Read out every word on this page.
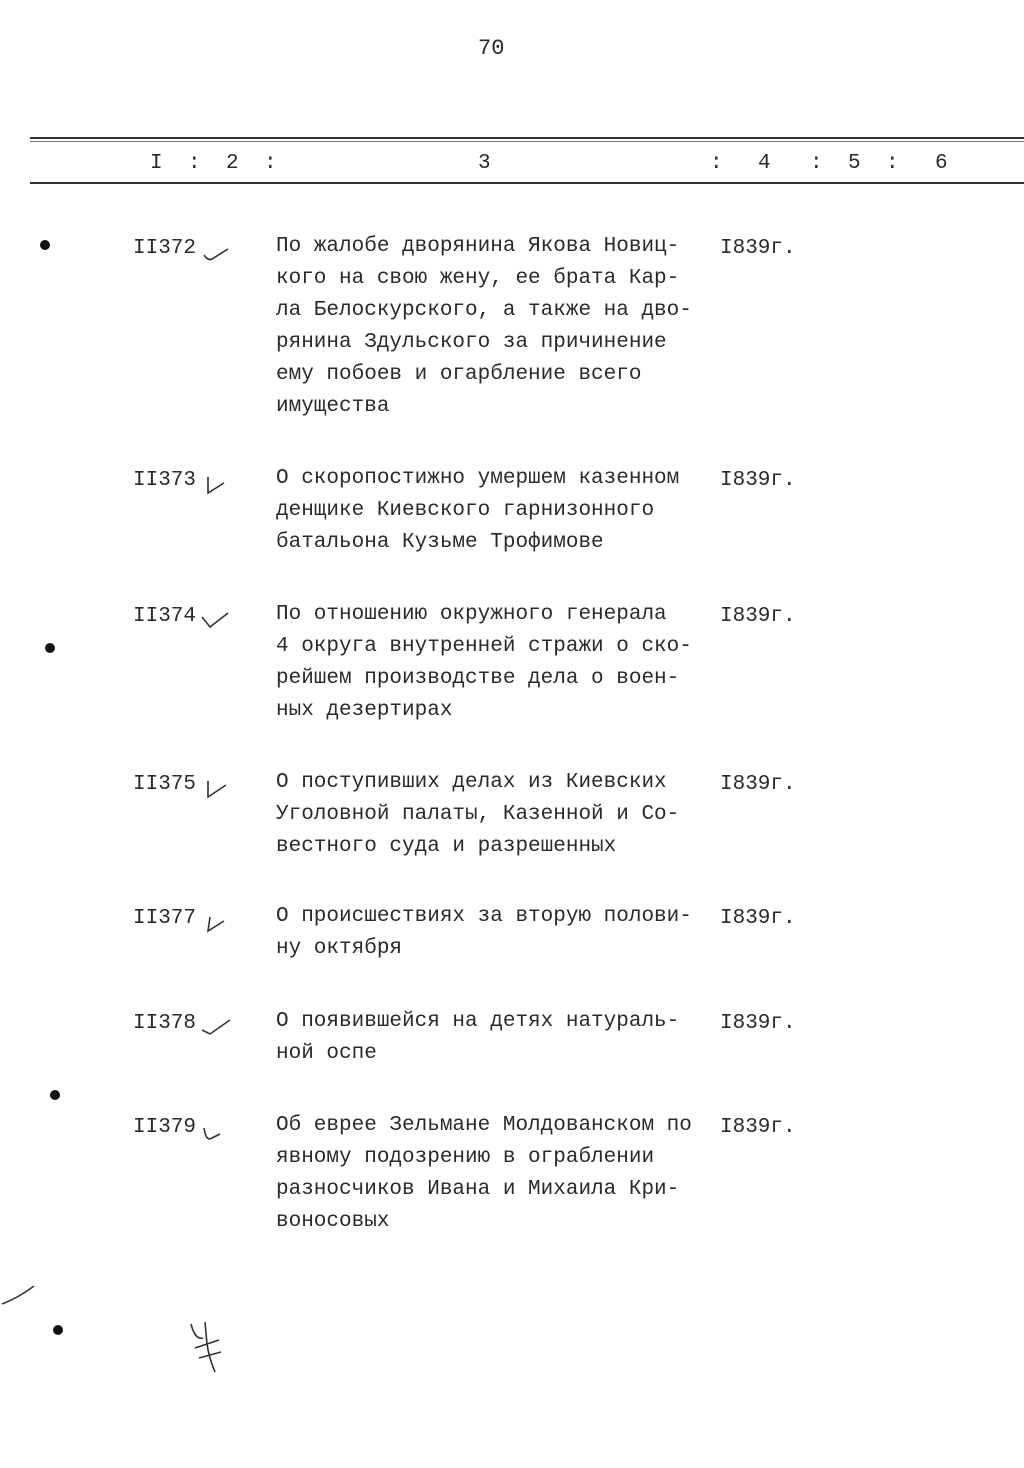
70
I : 2 :	3	: 4 : 5 : 6
II372	По жалобе дворянина Якова Новиц-
кого на свою жену, ее брата Кар-
ла Белоскурского, а также на дво-
рянина Здульского за причинение
ему побоев и огарбление всего
имущества
I839г.
II373	О скоропостижно умершем казенном
денщике Киевского гарнизонного
батальона Кузьме Трофимове
I839г.
II374	По отношению окружного генерала
4 округа внутренней стражи о ско-
рейшем производстве дела о воен-
ных дезертирах
I839г.
II375	О поступивших делах из Киевских
Уголовной палаты, Казенной и Со-
вестного суда и разрешенных
I839г.
II377	О происшествиях за вторую полови-
ну октября
I839г.
II378	О появившейся на детях натураль-
ной оспе
I839г.
II379	Об еврее Зельмане Молдованском по
явному подозрению в ограблении
разносчиков Ивана и Михаила Кри-
воносовых
I839г.
